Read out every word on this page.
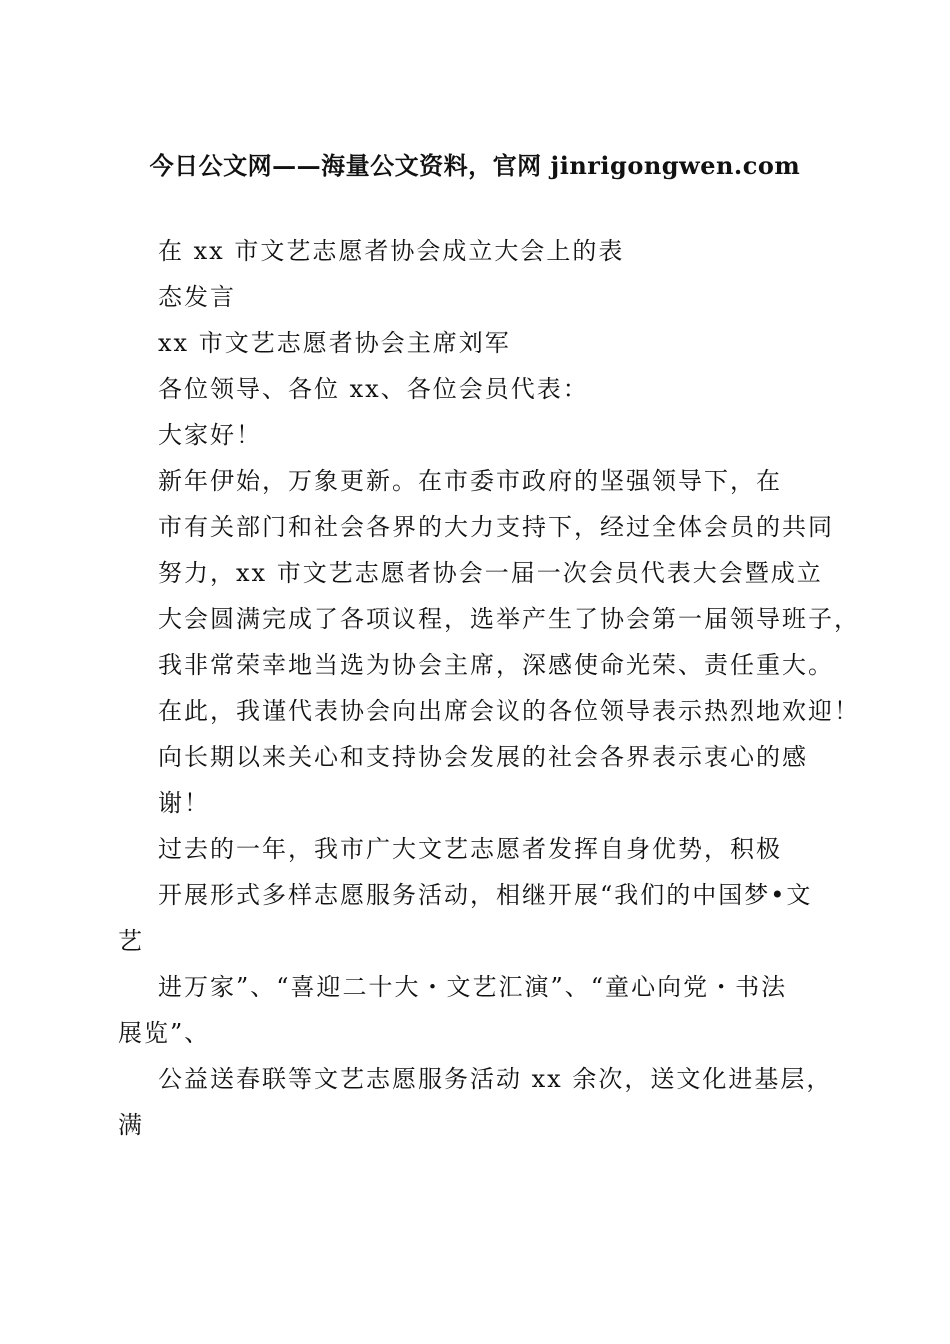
今日公文网——海量公文资料，官网 jinrigongwen.com
在 xx 市文艺志愿者协会成立大会上的表
态发言
xx 市文艺志愿者协会主席刘军
各位领导、各位 xx、各位会员代表：
大家好！
新年伊始，万象更新。在市委市政府的坚强领导下，在
市有关部门和社会各界的大力支持下，经过全体会员的共同
努力，xx 市文艺志愿者协会一届一次会员代表大会暨成立
大会圆满完成了各项议程，选举产生了协会第一届领导班子，
我非常荣幸地当选为协会主席，深感使命光荣、责任重大。
在此，我谨代表协会向出席会议的各位领导表示热烈地欢迎！
向长期以来关心和支持协会发展的社会各界表示衷心的感
谢！
过去的一年，我市广大文艺志愿者发挥自身优势，积极
开展形式多样志愿服务活动，相继开展“我们的中国梦•文
艺
进万家”、“喜迎二十大・文艺汇演”、“童心向党・书法
展览”、
公益送春联等文艺志愿服务活动 xx 余次，送文化进基层，
满
